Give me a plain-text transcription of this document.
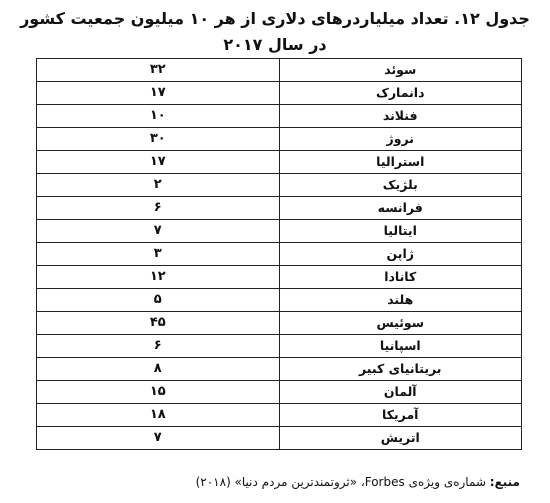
جدول ۱۲. تعداد میلیاردرهای دلاری از هر ۱۰ میلیون جمعیت کشور در سال ۲۰۱۷
سوئد	۳۲
دانمارک	۱۷
فنلاند	۱۰
نروژ	۳۰
استرالیا	۱۷
بلژیک	۲
فرانسه	۶
ایتالیا	۷
ژاپن	۳
کانادا	۱۲
هلند	۵
سوئیس	۴۵
اسپانیا	۶
بریتانیای کبیر	۸
آلمان	۱۵
آمریکا	۱۸
اتریش	۷
منبع: شماره‌ی ویژه‌ی Forbes، «ثروتمندترین مردم دنیا» (۲۰۱۸)
